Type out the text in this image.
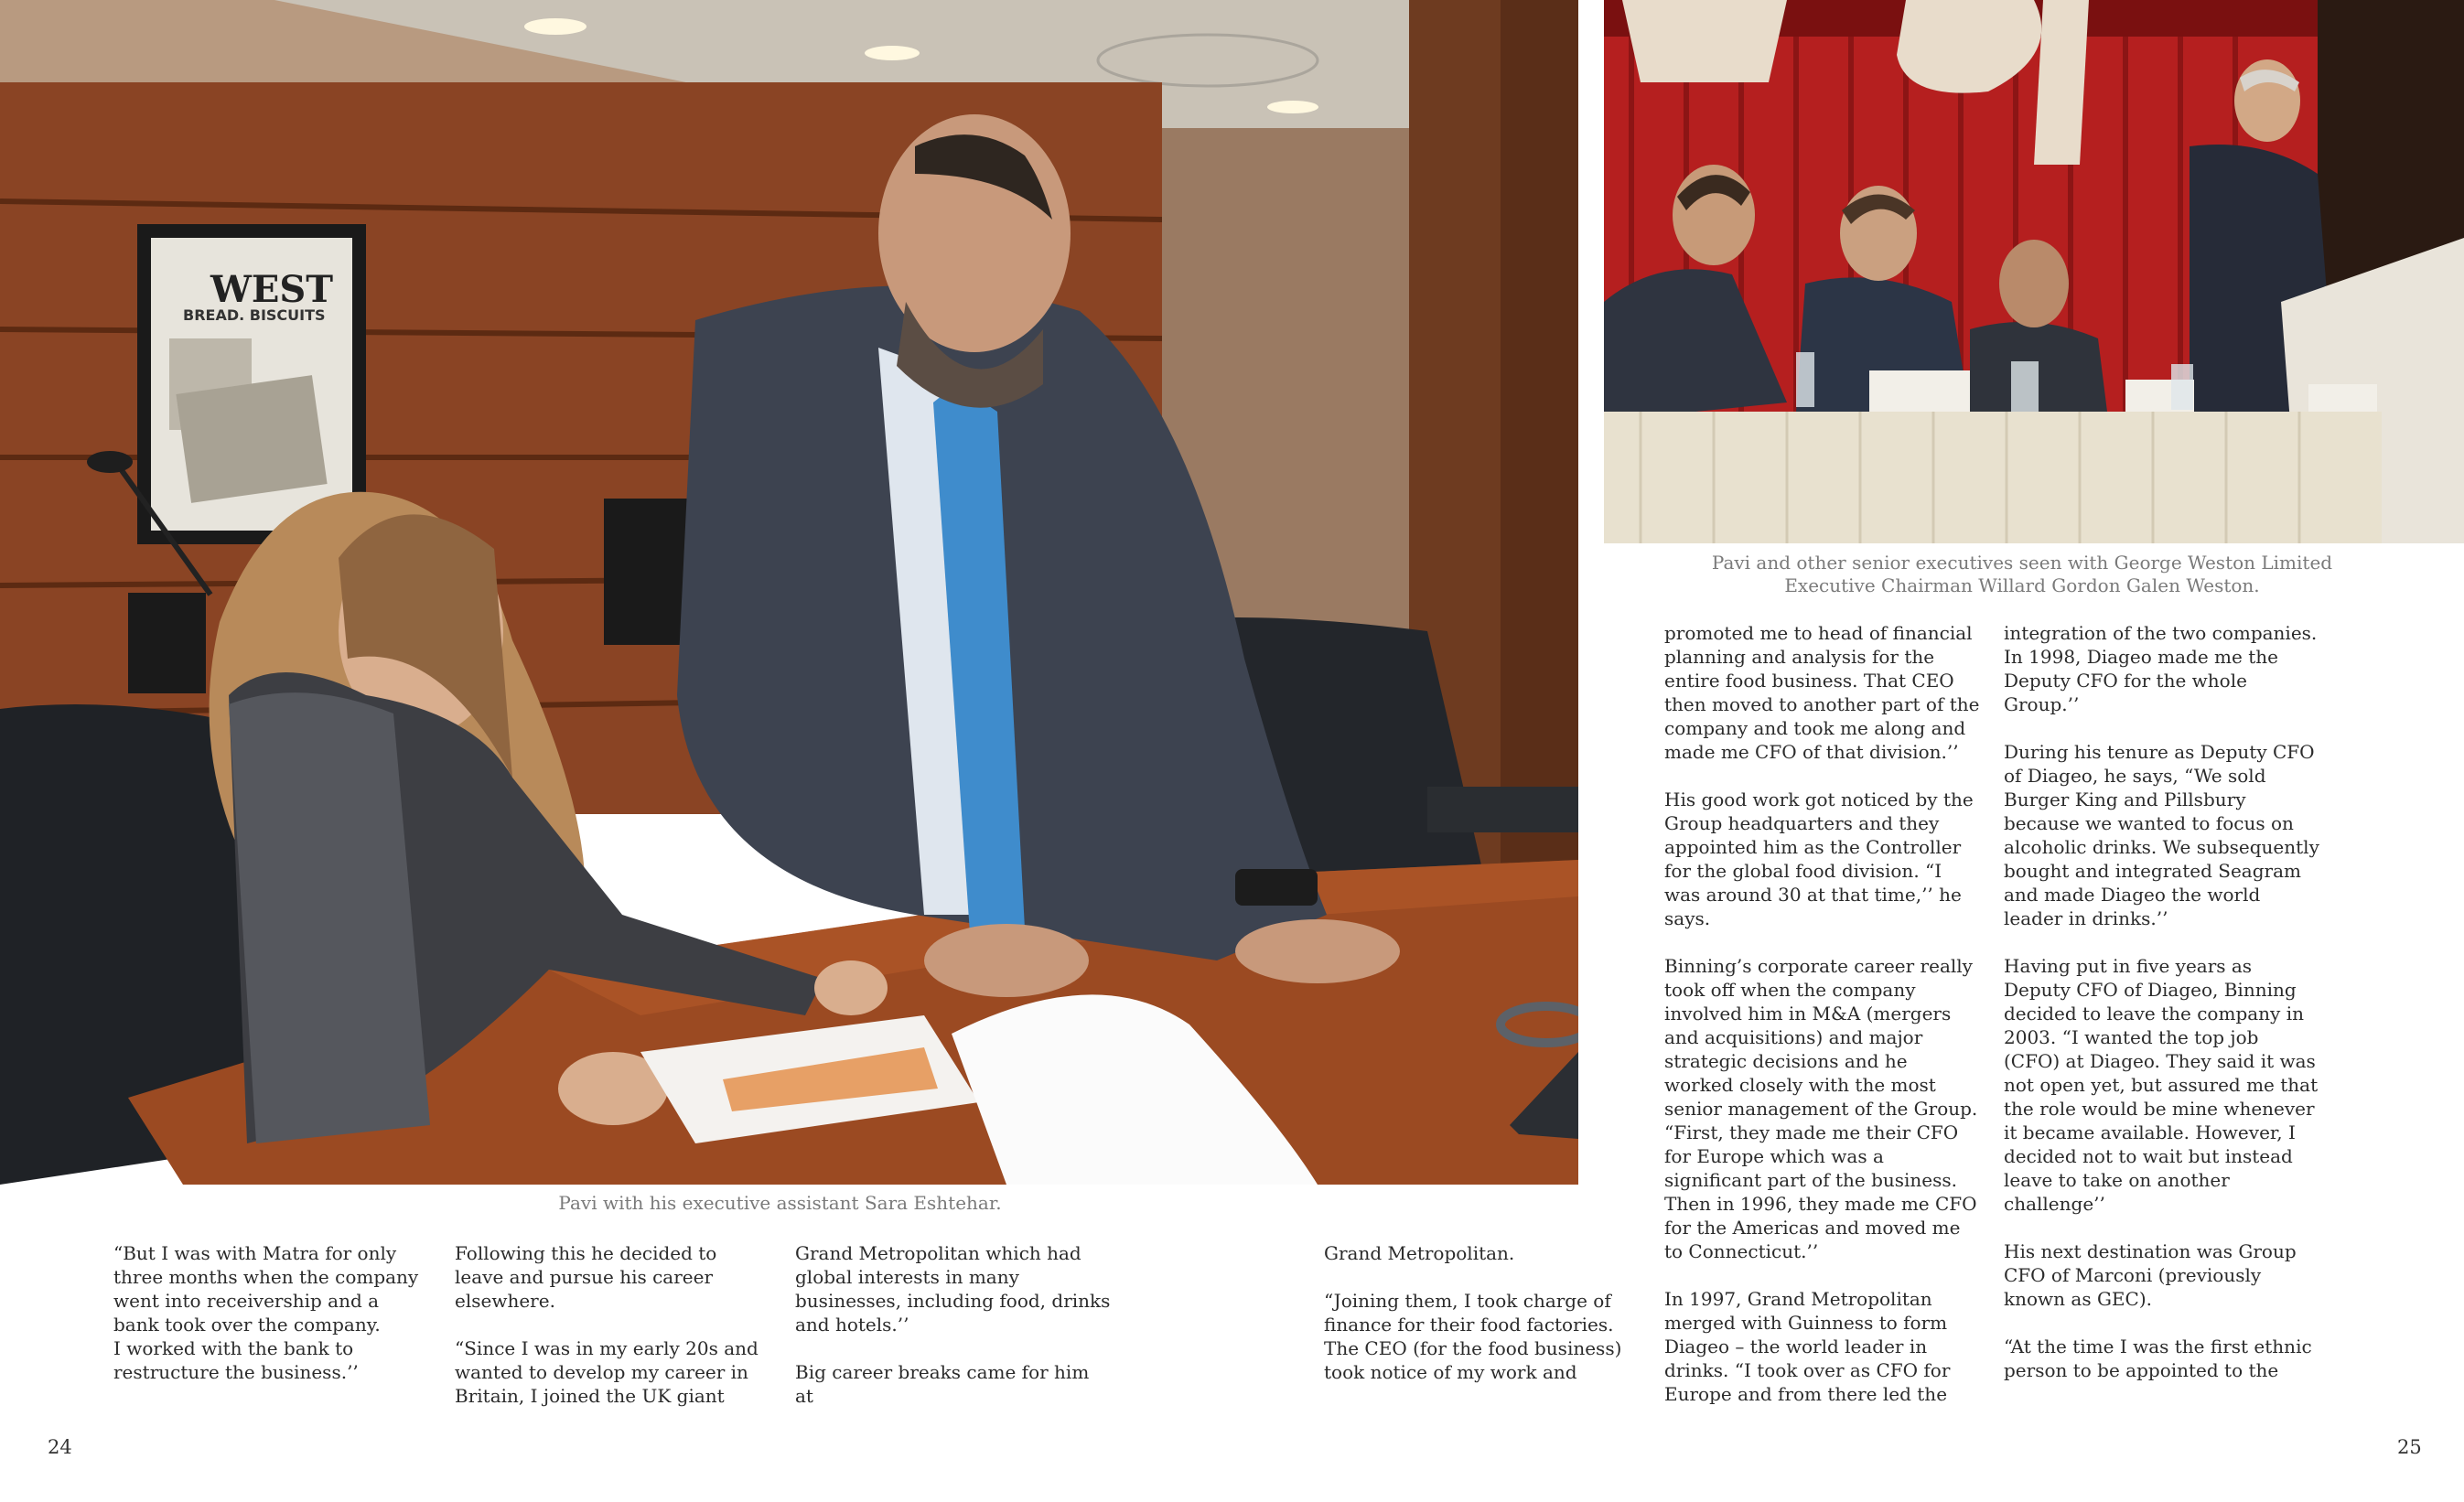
WEST
BREAD. BISCUITS
Pavi with his executive assistant Sara Eshtehar.
Pavi and other senior executives seen with George Weston Limited Executive Chairman Willard Gordon Galen Weston.

“But I was with Matra for only three months when the company went into receivership and a bank took over the company.
I worked with the bank to restructure the business.’’

Following this he decided to leave and pursue his career elsewhere.

“Since I was in my early 20s and wanted to develop my career in Britain, I joined the UK giant

Grand Metropolitan which had global interests in many businesses, including food, drinks and hotels.’’

Big career breaks came for him at

Grand Metropolitan.

“Joining them, I took charge of finance for their food factories. The CEO (for the food business) took notice of my work and

promoted me to head of financial planning and analysis for the entire food business. That CEO then moved to another part of the company and took me along and made me CFO of that division.’’

His good work got noticed by the Group headquarters and they appointed him as the Controller for the global food division. “I was around 30 at that time,’’ he says.

Binning’s corporate career really took off when the company involved him in M&A (mergers and acquisitions) and major strategic decisions and he worked closely with the most senior management of the Group. “First, they made me their CFO for Europe which was a significant part of the business. Then in 1996, they made me CFO for the Americas and moved me to Connecticut.’’

In 1997, Grand Metropolitan merged with Guinness to form Diageo – the world leader in drinks. “I took over as CFO for Europe and from there led the

integration of the two companies. In 1998, Diageo made me the Deputy CFO for the whole Group.’’

During his tenure as Deputy CFO of Diageo, he says, “We sold Burger King and Pillsbury because we wanted to focus on alcoholic drinks. We subsequently bought and integrated Seagram and made Diageo the world leader in drinks.’’

Having put in five years as Deputy CFO of Diageo, Binning decided to leave the company in 2003. “I wanted the top job (CFO) at Diageo. They said it was not open yet, but assured me that the role would be mine whenever it became available. However, I decided not to wait but instead leave to take on another challenge’’

His next destination was Group CFO of Marconi (previously known as GEC).

“At the time I was the first ethnic person to be appointed to the

24	25
